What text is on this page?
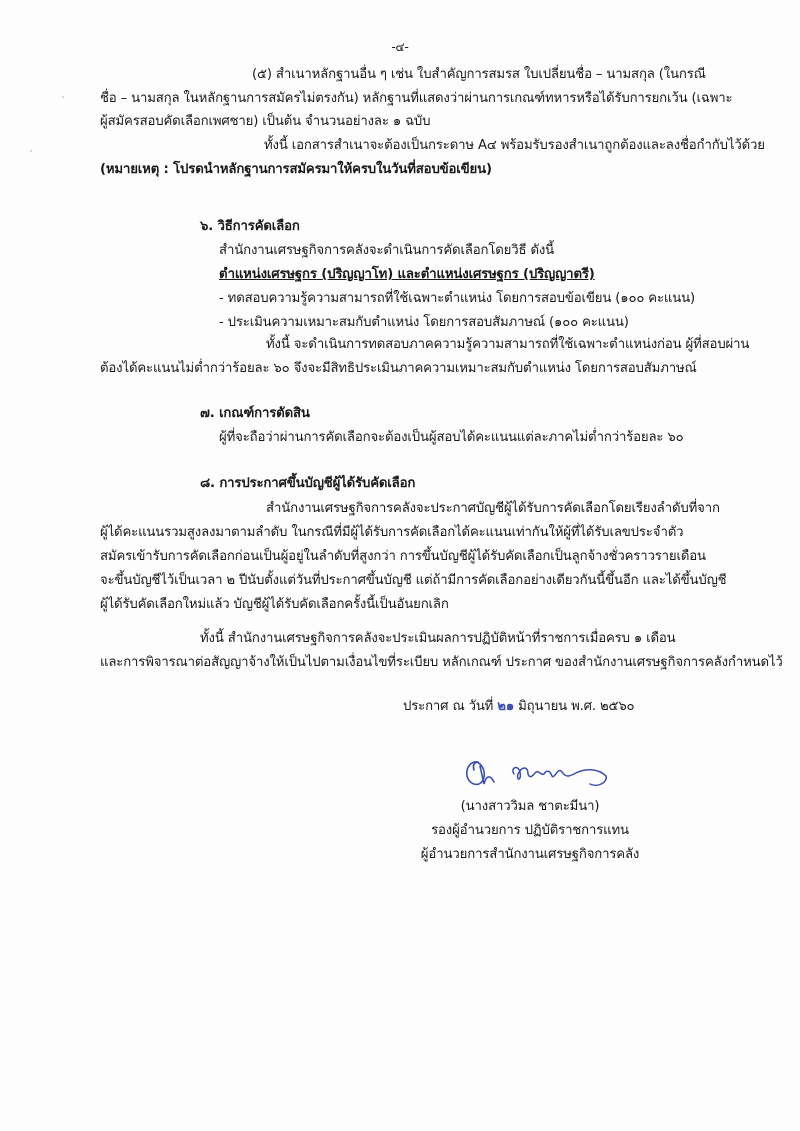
-๔-
(๕) สำเนาหลักฐานอื่น ๆ เช่น ใบสำคัญการสมรส ใบเปลี่ยนชื่อ – นามสกุล (ในกรณี
ชื่อ – นามสกุล ในหลักฐานการสมัครไม่ตรงกัน) หลักฐานที่แสดงว่าผ่านการเกณฑ์ทหารหรือได้รับการยกเว้น (เฉพาะ
ผู้สมัครสอบคัดเลือกเพศชาย) เป็นต้น จำนวนอย่างละ ๑ ฉบับ
ทั้งนี้ เอกสารสำเนาจะต้องเป็นกระดาษ A๔ พร้อมรับรองสำเนาถูกต้องและลงชื่อกำกับไว้ด้วย
(หมายเหตุ : โปรดนำหลักฐานการสมัครมาให้ครบในวันที่สอบข้อเขียน)
๖. วิธีการคัดเลือก
สำนักงานเศรษฐกิจการคลังจะดำเนินการคัดเลือกโดยวิธี ดังนี้
ตำแหน่งเศรษฐกร (ปริญญาโท) และตำแหน่งเศรษฐกร (ปริญญาตรี)
- ทดสอบความรู้ความสามารถที่ใช้เฉพาะตำแหน่ง โดยการสอบข้อเขียน (๑๐๐ คะแนน)
- ประเมินความเหมาะสมกับตำแหน่ง โดยการสอบสัมภาษณ์ (๑๐๐ คะแนน)
ทั้งนี้ จะดำเนินการทดสอบภาคความรู้ความสามารถที่ใช้เฉพาะตำแหน่งก่อน ผู้ที่สอบผ่าน
ต้องได้คะแนนไม่ต่ำกว่าร้อยละ ๖๐ จึงจะมีสิทธิประเมินภาคความเหมาะสมกับตำแหน่ง โดยการสอบสัมภาษณ์
๗. เกณฑ์การตัดสิน
ผู้ที่จะถือว่าผ่านการคัดเลือกจะต้องเป็นผู้สอบได้คะแนนแต่ละภาคไม่ต่ำกว่าร้อยละ ๖๐
๘. การประกาศขึ้นบัญชีผู้ได้รับคัดเลือก
สำนักงานเศรษฐกิจการคลังจะประกาศบัญชีผู้ได้รับการคัดเลือกโดยเรียงลำดับที่จาก
ผู้ได้คะแนนรวมสูงลงมาตามลำดับ ในกรณีที่มีผู้ได้รับการคัดเลือกได้คะแนนเท่ากันให้ผู้ที่ได้รับเลขประจำตัว
สมัครเข้ารับการคัดเลือกก่อนเป็นผู้อยู่ในลำดับที่สูงกว่า การขึ้นบัญชีผู้ได้รับคัดเลือกเป็นลูกจ้างชั่วคราวรายเดือน
จะขึ้นบัญชีไว้เป็นเวลา ๒ ปีนับตั้งแต่วันที่ประกาศขึ้นบัญชี แต่ถ้ามีการคัดเลือกอย่างเดียวกันนี้ขึ้นอีก และได้ขึ้นบัญชี
ผู้ได้รับคัดเลือกใหม่แล้ว บัญชีผู้ได้รับคัดเลือกครั้งนี้เป็นอันยกเลิก
ทั้งนี้ สำนักงานเศรษฐกิจการคลังจะประเมินผลการปฏิบัติหน้าที่ราชการเมื่อครบ ๑ เดือน
และการพิจารณาต่อสัญญาจ้างให้เป็นไปตามเงื่อนไขที่ระเบียบ หลักเกณฑ์ ประกาศ ของสำนักงานเศรษฐกิจการคลังกำหนดไว้
ประกาศ ณ วันที่ ๒๑ มิถุนายน พ.ศ. ๒๕๖๐
(นางสาววิมล ชาตะมีนา)
รองผู้อำนวยการ ปฏิบัติราชการแทน
ผู้อำนวยการสำนักงานเศรษฐกิจการคลัง
